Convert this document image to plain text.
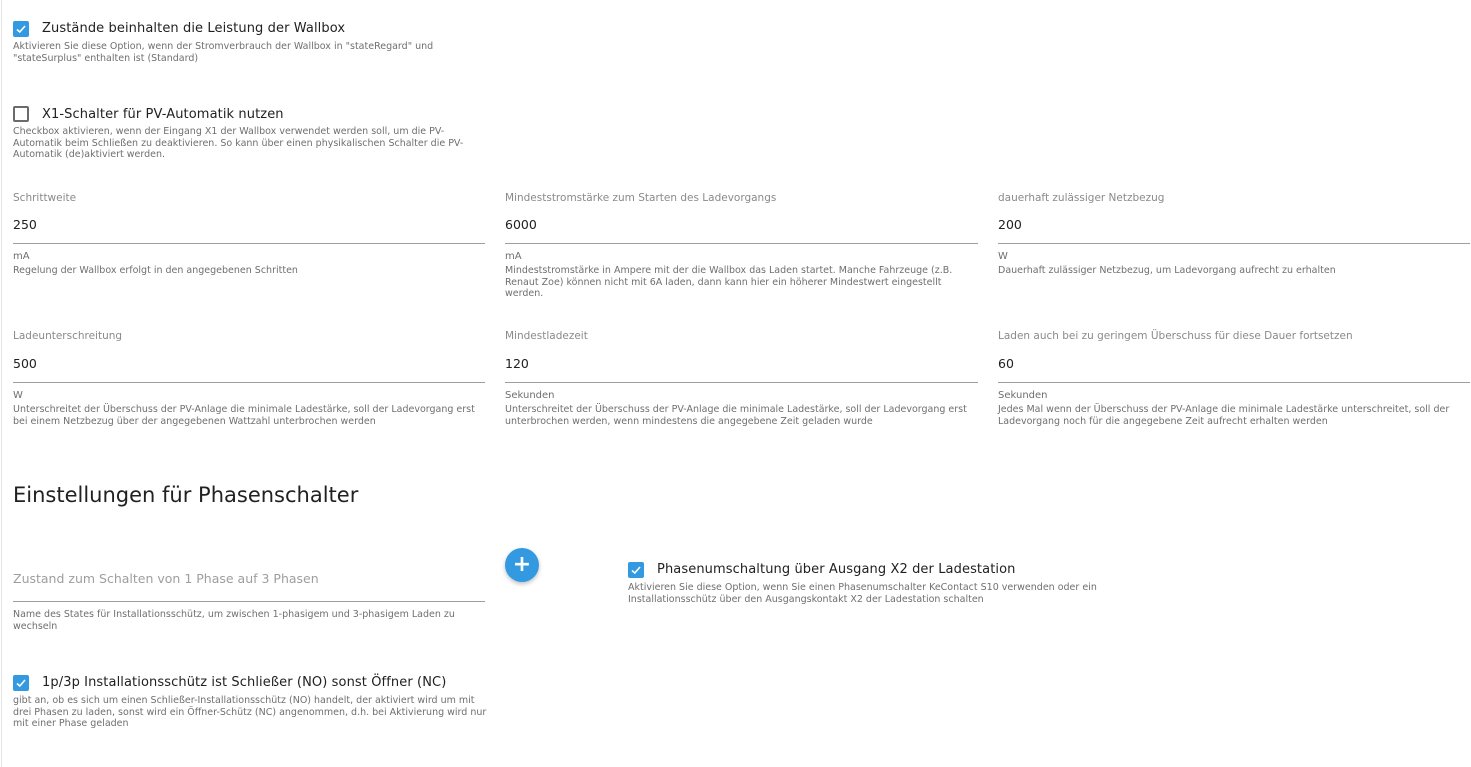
Zustände beinhalten die Leistung der Wallbox
Aktivieren Sie diese Option, wenn der Stromverbrauch der Wallbox in "stateRegard" und "stateSurplus" enthalten ist (Standard)
X1-Schalter für PV-Automatik nutzen
Checkbox aktivieren, wenn der Eingang X1 der Wallbox verwendet werden soll, um die PV-Automatik beim Schließen zu deaktivieren. So kann über einen physikalischen Schalter die PV-Automatik (de)aktiviert werden.
Schrittweite
250
mA
Regelung der Wallbox erfolgt in den angegebenen Schritten
Mindeststromstärke zum Starten des Ladevorgangs
6000
mA
Mindeststromstärke in Ampere mit der die Wallbox das Laden startet. Manche Fahrzeuge (z.B. Renaut Zoe) können nicht mit 6A laden, dann kann hier ein höherer Mindestwert eingestellt werden.
dauerhaft zulässiger Netzbezug
200
W
Dauerhaft zulässiger Netzbezug, um Ladevorgang aufrecht zu erhalten
Ladeunterschreitung
500
W
Unterschreitet der Überschuss der PV-Anlage die minimale Ladestärke, soll der Ladevorgang erst bei einem Netzbezug über der angegebenen Wattzahl unterbrochen werden
Mindestladezeit
120
Sekunden
Unterschreitet der Überschuss der PV-Anlage die minimale Ladestärke, soll der Ladevorgang erst unterbrochen werden, wenn mindestens die angegebene Zeit geladen wurde
Laden auch bei zu geringem Überschuss für diese Dauer fortsetzen
60
Sekunden
Jedes Mal wenn der Überschuss der PV-Anlage die minimale Ladestärke unterschreitet, soll der Ladevorgang noch für die angegebene Zeit aufrecht erhalten werden
Einstellungen für Phasenschalter
Zustand zum Schalten von 1 Phase auf 3 Phasen
Name des States für Installationsschütz, um zwischen 1-phasigem und 3-phasigem Laden zu wechseln
+	Phasenumschaltung über Ausgang X2 der Ladestation
Aktivieren Sie diese Option, wenn Sie einen Phasenumschalter KeContact S10 verwenden oder ein Installationsschütz über den Ausgangskontakt X2 der Ladestation schalten
1p/3p Installationsschütz ist Schließer (NO) sonst Öffner (NC)
gibt an, ob es sich um einen Schließer-Installationsschütz (NO) handelt, der aktiviert wird um mit drei Phasen zu laden, sonst wird ein Öffner-Schütz (NC) angenommen, d.h. bei Aktivierung wird nur mit einer Phase geladen
